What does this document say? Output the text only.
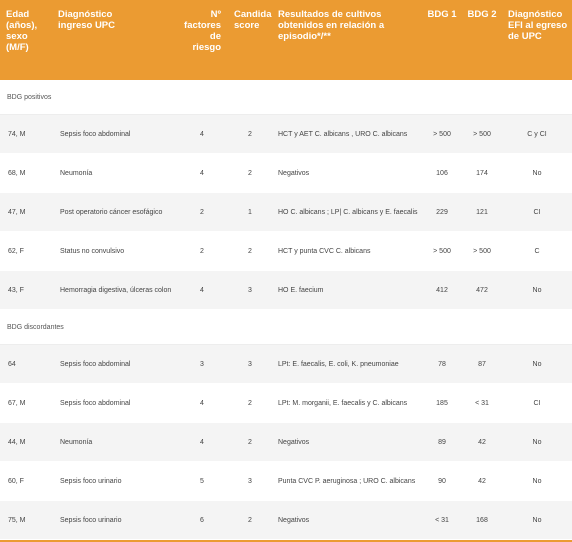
Edad
(años),
sexo
(M/F)	Diagnóstico
ingreso UPC	Nº
factores
de riesgo	Candida
score	Resultados de cultivos
obtenidos en relación a
episodio*/**	BDG 1	BDG 2	Diagnóstico
EFI al egreso
de UPC
BDG positivos							
74, M	Sepsis foco abdominal	4	2	HCT y AET C. albicans , URO C. albicans	> 500	> 500	C y CI
68, M	Neumonía	4	2	Negativos	106	174	No
47, M	Post operatorio cáncer esofágico	2	1	HO C. albicans ; LP| C. albicans y E. faecalis	229	121	CI
62, F	Status no convulsivo	2	2	HCT y punta CVC C. albicans	> 500	> 500	C
43, F	Hemorragia digestiva, úlceras colon	4	3	HO E. faecium	412	472	No
BDG discordantes							
64	Sepsis foco abdominal	3	3	LPt: E. faecalis, E. coli, K. pneumoniae	78	87	No
67, M	Sepsis foco abdominal	4	2	LPt: M. morganii, E. faecalis y C. albicans	185	< 31	CI
44, M	Neumonía	4	2	Negativos	89	42	No
60, F	Sepsis foco urinario	5	3	Punta CVC P. aeruginosa ; URO C. albicans	90	42	No
75, M	Sepsis foco urinario	6	2	Negativos	< 31	168	No
